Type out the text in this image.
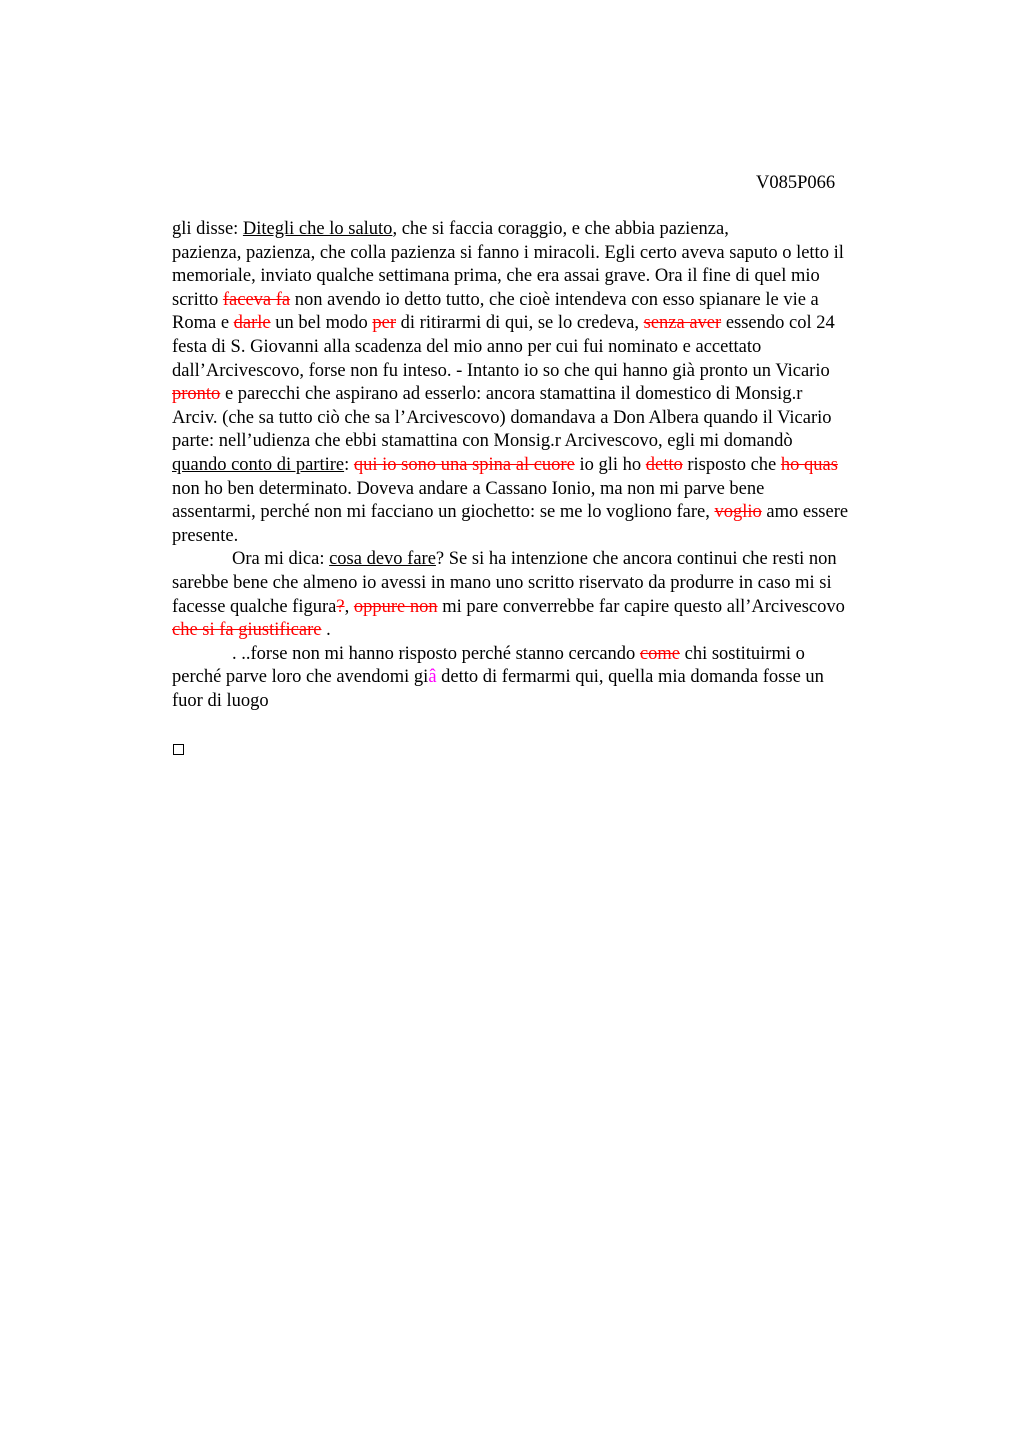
V085P066
gli disse: Ditegli che lo saluto, che si faccia coraggio, e che abbia pazienza,
pazienza, pazienza, che colla pazienza si fanno i miracoli. Egli certo aveva saputo o letto il
memoriale, inviato qualche settimana prima, che era assai grave. Ora il fine di quel mio
scritto faceva fa non avendo io detto tutto, che cioè intendeva con esso spianare le vie a
Roma e darle un bel modo per di ritirarmi di qui, se lo credeva, senza aver essendo col 24
festa di S. Giovanni alla scadenza del mio anno per cui fui nominato e accettato
dall’Arcivescovo, forse non fu inteso. - Intanto io so che qui hanno già pronto un Vicario
pronto e parecchi che aspirano ad esserlo: ancora stamattina il domestico di Monsig.r
Arciv. (che sa tutto ciò che sa l’Arcivescovo) domandava a Don Albera quando il Vicario
parte: nell’udienza che ebbi stamattina con Monsig.r Arcivescovo, egli mi domandò
quando conto di partire: qui io sono una spina al cuore io gli ho detto risposto che ho quas
non ho ben determinato. Doveva andare a Cassano Ionio, ma non mi parve bene
assentarmi, perché non mi facciano un giochetto: se me lo vogliono fare, voglio amo essere
presente.
Ora mi dica: cosa devo fare? Se si ha intenzione che ancora continui che resti non
sarebbe bene che almeno io avessi in mano uno scritto riservato da produrre in caso mi si
facesse qualche figura?, oppure non mi pare converrebbe far capire questo all’Arcivescovo
che si fa giustificare .
. ..forse non mi hanno risposto perché stanno cercando come chi sostituirmi o
perché parve loro che avendomi giâ detto di fermarmi qui, quella mia domanda fosse un
fuor di luogo
